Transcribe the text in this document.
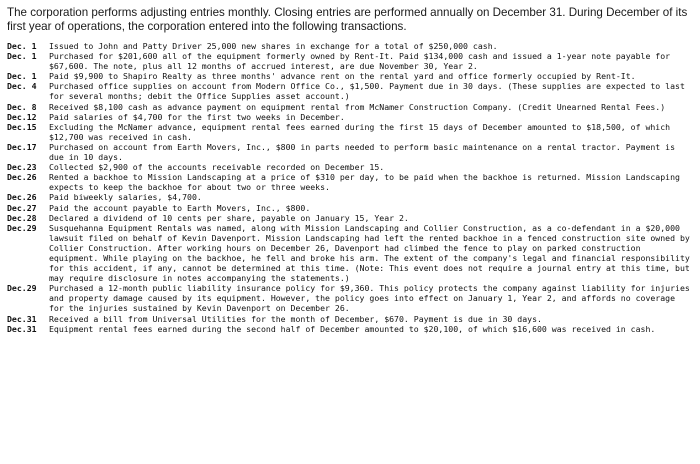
The corporation performs adjusting entries monthly. Closing entries are performed annually on December 31. During December of its first year of operations, the corporation entered into the following transactions.

Dec. 1	Issued to John and Patty Driver 25,000 new shares in exchange for a total of $250,000 cash.
Dec. 1	Purchased for $201,600 all of the equipment formerly owned by Rent-It. Paid $134,000 cash and issued a 1-year note payable for $67,600. The note, plus all 12 months of accrued interest, are due November 30, Year 2.
Dec. 1	Paid $9,900 to Shapiro Realty as three months' advance rent on the rental yard and office formerly occupied by Rent-It.
Dec. 4	Purchased office supplies on account from Modern Office Co., $1,500. Payment due in 30 days. (These supplies are expected to last for several months; debit the Office Supplies asset account.)
Dec. 8	Received $8,100 cash as advance payment on equipment rental from McNamer Construction Company. (Credit Unearned Rental Fees.)
Dec.12	Paid salaries of $4,700 for the first two weeks in December.
Dec.15	Excluding the McNamer advance, equipment rental fees earned during the first 15 days of December amounted to $18,500, of which $12,700 was received in cash.
Dec.17	Purchased on account from Earth Movers, Inc., $800 in parts needed to perform basic maintenance on a rental tractor. Payment is due in 10 days.
Dec.23	Collected $2,900 of the accounts receivable recorded on December 15.
Dec.26	Rented a backhoe to Mission Landscaping at a price of $310 per day, to be paid when the backhoe is returned. Mission Landscaping expects to keep the backhoe for about two or three weeks.
Dec.26	Paid biweekly salaries, $4,700.
Dec.27	Paid the account payable to Earth Movers, Inc., $800.
Dec.28	Declared a dividend of 10 cents per share, payable on January 15, Year 2.
Dec.29	Susquehanna Equipment Rentals was named, along with Mission Landscaping and Collier Construction, as a co-defendant in a $20,000 lawsuit filed on behalf of Kevin Davenport. Mission Landscaping had left the rented backhoe in a fenced construction site owned by Collier Construction. After working hours on December 26, Davenport had climbed the fence to play on parked construction equipment. While playing on the backhoe, he fell and broke his arm. The extent of the company's legal and financial responsibility for this accident, if any, cannot be determined at this time. (Note: This event does not require a journal entry at this time, but may require disclosure in notes accompanying the statements.)
Dec.29	Purchased a 12-month public liability insurance policy for $9,360. This policy protects the company against liability for injuries and property damage caused by its equipment. However, the policy goes into effect on January 1, Year 2, and affords no coverage for the injuries sustained by Kevin Davenport on December 26.
Dec.31	Received a bill from Universal Utilities for the month of December, $670. Payment is due in 30 days.
Dec.31	Equipment rental fees earned during the second half of December amounted to $20,100, of which $16,600 was received in cash.
